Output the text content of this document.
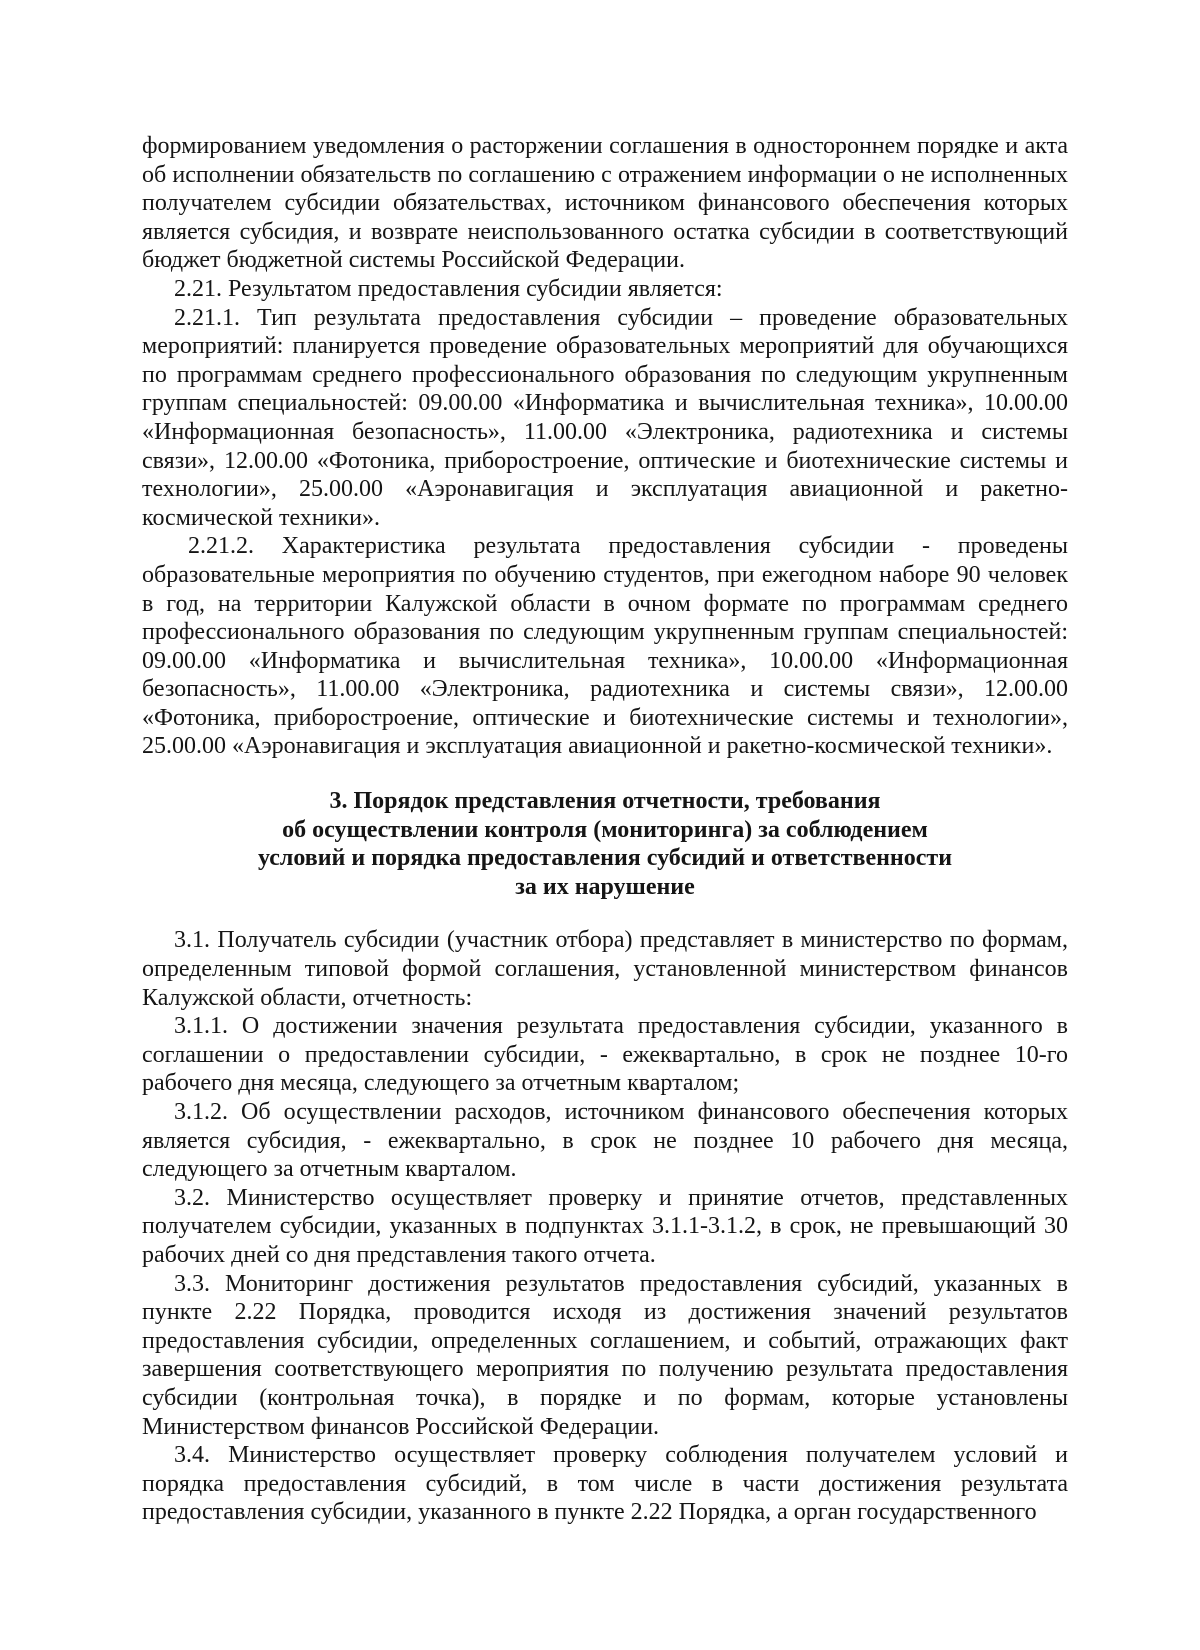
формированием уведомления о расторжении соглашения в одностороннем порядке и акта об исполнении обязательств по соглашению с отражением информации о не исполненных получателем субсидии обязательствах, источником финансового обеспечения которых является субсидия, и возврате неиспользованного остатка субсидии в соответствующий бюджет бюджетной системы Российской Федерации.

2.21. Результатом предоставления субсидии является:

2.21.1. Тип результата предоставления субсидии – проведение образовательных мероприятий: планируется проведение образовательных мероприятий для обучающихся по программам среднего профессионального образования по следующим укрупненным группам специальностей: 09.00.00 «Информатика и вычислительная техника», 10.00.00 «Информационная безопасность», 11.00.00 «Электроника, радиотехника и системы связи», 12.00.00 «Фотоника, приборостроение, оптические и биотехнические системы и технологии», 25.00.00 «Аэронавигация и эксплуатация авиационной и ракетно-космической техники».

2.21.2. Характеристика результата предоставления субсидии - проведены образовательные мероприятия по обучению студентов, при ежегодном наборе 90 человек в год, на территории Калужской области в очном формате по программам среднего профессионального образования по следующим укрупненным группам специальностей: 09.00.00 «Информатика и вычислительная техника», 10.00.00 «Информационная безопасность», 11.00.00 «Электроника, радиотехника и системы связи», 12.00.00 «Фотоника, приборостроение, оптические и биотехнические системы и технологии», 25.00.00 «Аэронавигация и эксплуатация авиационной и ракетно-космической техники».

3. Порядок представления отчетности, требования
об осуществлении контроля (мониторинга) за соблюдением
условий и порядка предоставления субсидий и ответственности
за их нарушение

3.1. Получатель субсидии (участник отбора) представляет в министерство по формам, определенным типовой формой соглашения, установленной министерством финансов Калужской области, отчетность:

3.1.1. О достижении значения результата предоставления субсидии, указанного в соглашении о предоставлении субсидии, - ежеквартально, в срок не позднее 10-го рабочего дня месяца, следующего за отчетным кварталом;

3.1.2. Об осуществлении расходов, источником финансового обеспечения которых является субсидия, - ежеквартально, в срок не позднее 10 рабочего дня месяца, следующего за отчетным кварталом.

3.2. Министерство осуществляет проверку и принятие отчетов, представленных получателем субсидии, указанных в подпунктах 3.1.1-3.1.2, в срок, не превышающий 30 рабочих дней со дня представления такого отчета.

3.3. Мониторинг достижения результатов предоставления субсидий, указанных в пункте 2.22 Порядка, проводится исходя из достижения значений результатов предоставления субсидии, определенных соглашением, и событий, отражающих факт завершения соответствующего мероприятия по получению результата предоставления субсидии (контрольная точка), в порядке и по формам, которые установлены Министерством финансов Российской Федерации.

3.4. Министерство осуществляет проверку соблюдения получателем условий и порядка предоставления субсидий, в том числе в части достижения результата предоставления субсидии, указанного в пункте 2.22 Порядка, а орган государственного
